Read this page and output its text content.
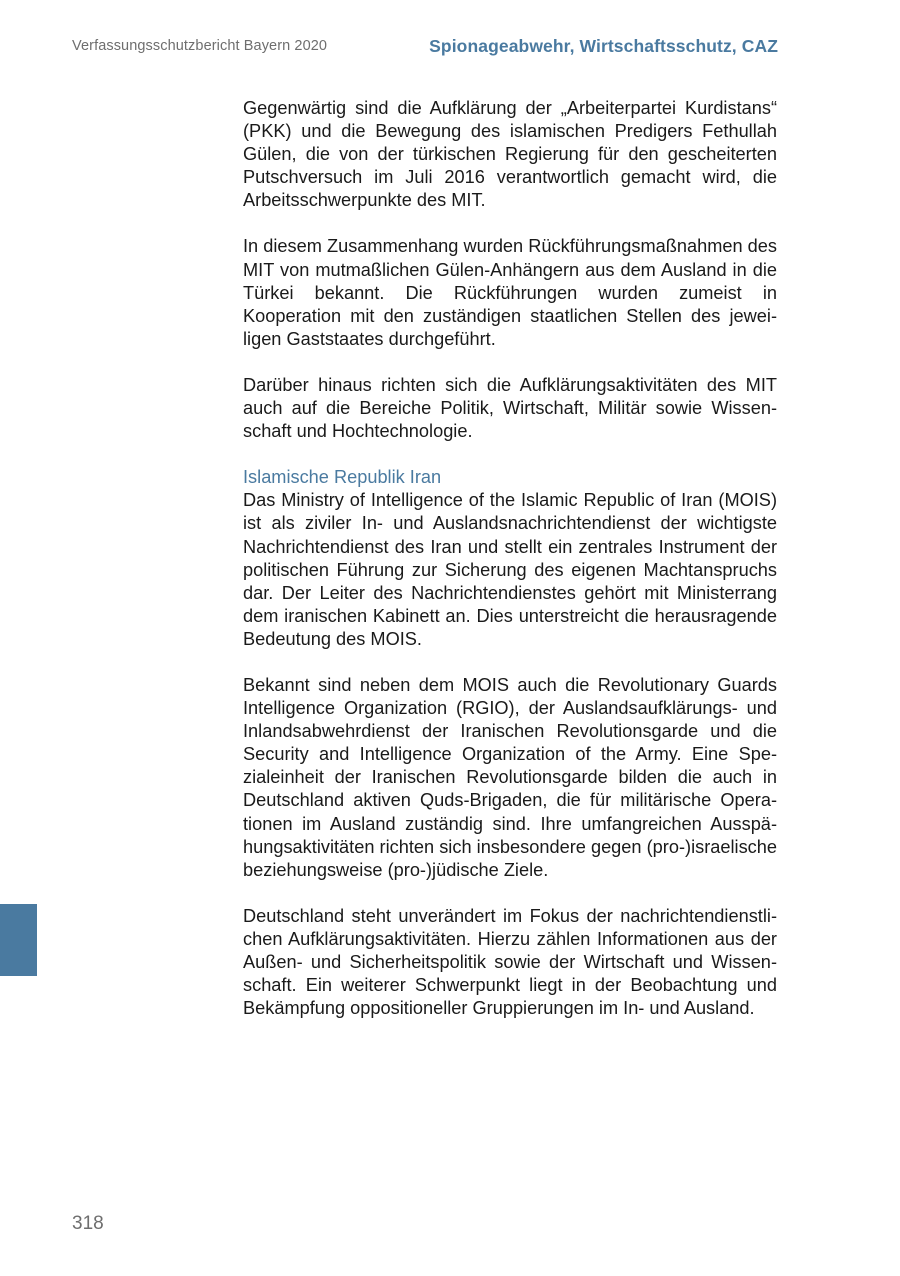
Verfassungsschutzbericht Bayern 2020	Spionageabwehr, Wirtschaftsschutz, CAZ

Gegenwärtig sind die Aufklärung der „Arbeiterpartei Kurdistans“ (PKK) und die Bewegung des islamischen Predigers Fethullah Gülen, die von der türkischen Regierung für den gescheiterten Putschversuch im Juli 2016 verantwortlich gemacht wird, die Arbeitsschwerpunkte des MIT.

In diesem Zusammenhang wurden Rückführungsmaßnahmen des MIT von mutmaßlichen Gülen-Anhängern aus dem Ausland in die Türkei bekannt. Die Rückführungen wurden zumeist in Kooperation mit den zuständigen staatlichen Stellen des jeweiligen Gaststaates durchgeführt.

Darüber hinaus richten sich die Aufklärungsaktivitäten des MIT auch auf die Bereiche Politik, Wirtschaft, Militär sowie Wissenschaft und Hochtechnologie.

Islamische Republik Iran

Das Ministry of Intelligence of the Islamic Republic of Iran (MOIS) ist als ziviler In- und Auslandsnachrichtendienst der wichtigste Nachrichtendienst des Iran und stellt ein zentrales Instrument der politischen Führung zur Sicherung des eigenen Machtanspruchs dar. Der Leiter des Nachrichtendienstes gehört mit Ministerrang dem iranischen Kabinett an. Dies unterstreicht die herausragende Bedeutung des MOIS.

Bekannt sind neben dem MOIS auch die Revolutionary Guards Intelligence Organization (RGIO), der Auslandsaufklärungs- und Inlandsabwehrdienst der Iranischen Revolutionsgarde und die Security and Intelligence Organization of the Army. Eine Spezialeinheit der Iranischen Revolutionsgarde bilden die auch in Deutschland aktiven Quds-Brigaden, die für militärische Operationen im Ausland zuständig sind. Ihre umfangreichen Ausspähungsaktivitäten richten sich insbesondere gegen (pro-)israelische beziehungsweise (pro-)jüdische Ziele.

Deutschland steht unverändert im Fokus der nachrichtendienstlichen Aufklärungsaktivitäten. Hierzu zählen Informationen aus der Außen- und Sicherheitspolitik sowie der Wirtschaft und Wissenschaft. Ein weiterer Schwerpunkt liegt in der Beobachtung und Bekämpfung oppositioneller Gruppierungen im In- und Ausland.

318
